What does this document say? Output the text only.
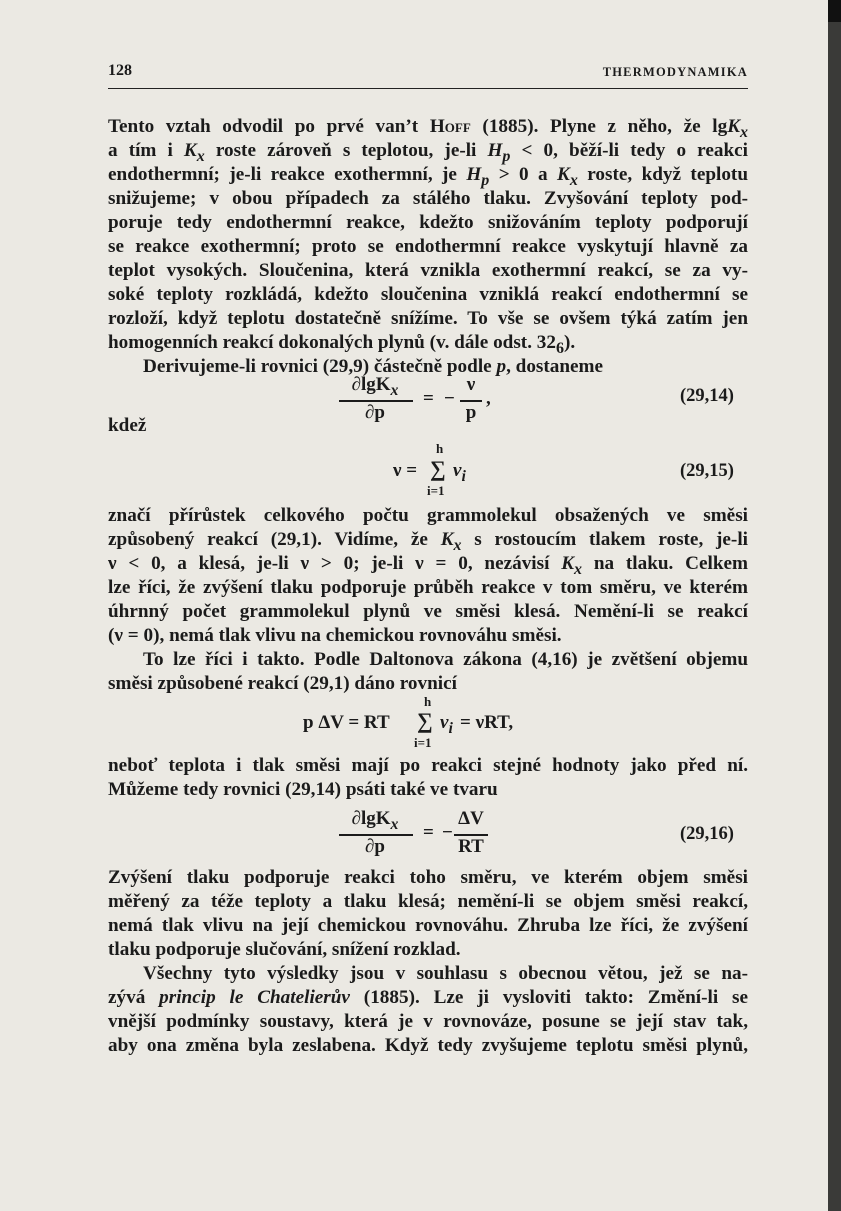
128	THERMODYNAMIKA
Tento vztah odvodil po prvé van’t Hoff (1885). Plyne z něho, že lgK$_x$
a tím i $K_x$ roste zároveň s teplotou, je-li $H_p < 0$, běží-li tedy o reakci
endothermní; je-li reakce exothermní, je $H_p > 0$ a $K_x$ roste, když teplotu
snižujeme; v obou případech za stálého tlaku. Zvyšování teploty pod-
poruje tedy endothermní reakce, kdežto snižováním teploty podporují
se reakce exothermní; proto se endothermní reakce vyskytují hlavně za
teplot vysokých. Sloučenina, která vznikla exothermní reakcí, se za vy-
soké teploty rozkládá, kdežto sloučenina vzniklá reakcí endothermní se
rozloží, když teplotu dostatečně snížíme. To vše se ovšem týká zatím jen
homogenních reakcí dokonalých plynů (v. dále odst. $32_6$).
Derivujeme-li rovnici (29,9) částečně podle p, dostaneme
∂lgK$_x$
∂p
= −
ν
p
,	(29,14)
kdež
h
ν = ∑ $\nu_i$
i=1
(29,15)
značí přírůstek celkového počtu grammolekul obsažených ve směsi
způsobený reakcí (29,1). Vidíme, že $K_x$ s rostoucím tlakem roste, je-li
ν < 0, a klesá, je-li ν > 0; je-li ν = 0, nezávisí $K_x$ na tlaku. Celkem
lze říci, že zvýšení tlaku podporuje průběh reakce v tom směru, ve kterém
úhrnný počet grammolekul plynů ve směsi klesá. Nemění-li se reakcí
(ν = 0), nemá tlak vlivu na chemickou rovnováhu směsi.
To lze říci i takto. Podle Daltonova zákona (4,16) je zvětšení objemu
směsi způsobené reakcí (29,1) dáno rovnicí
h
p ΔV = RT ∑ $\nu_i = \nu RT$,
i=1
neboť teplota i tlak směsi mají po reakci stejné hodnoty jako před ní.
Můžeme tedy rovnici (29,14) psáti také ve tvaru
∂lgK$_x$
∂p
= −
ΔV
RT
(29,16)
Zvýšení tlaku podporuje reakci toho směru, ve kterém objem směsi
měřený za téže teploty a tlaku klesá; nemění-li se objem směsi reakcí,
nemá tlak vlivu na její chemickou rovnováhu. Zhruba lze říci, že zvýšení
tlaku podporuje slučování, snížení rozklad.
Všechny tyto výsledky jsou v souhlasu s obecnou větou, jež se na-
zývá princip le Chatelierův (1885). Lze ji vysloviti takto: Změní-li se
vnější podmínky soustavy, která je v rovnováze, posune se její stav tak,
aby ona změna byla zeslabena. Když tedy zvyšujeme teplotu směsi plynů,
